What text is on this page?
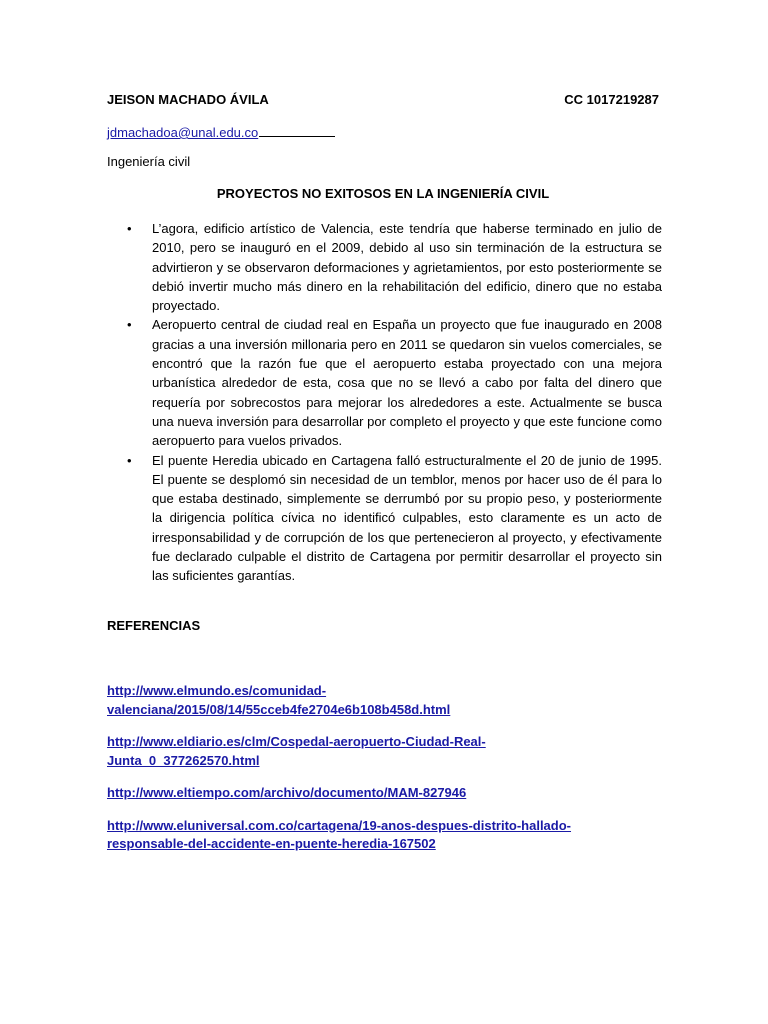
JEISON MACHADO ÁVILA	CC 1017219287
jdmachadoa@unal.edu.co
Ingeniería civil
PROYECTOS NO EXITOSOS EN LA INGENIERÍA CIVIL
• L’agora, edificio artístico de Valencia, este tendría que haberse terminado en julio de 2010, pero se inauguró en el 2009, debido al uso sin terminación de la estructura se advirtieron y se observaron deformaciones y agrietamientos, por esto posteriormente se debió invertir mucho más dinero en la rehabilitación del edificio, dinero que no estaba proyectado.
• Aeropuerto central de ciudad real en España un proyecto que fue inaugurado en 2008 gracias a una inversión millonaria pero en 2011 se quedaron sin vuelos comerciales, se encontró que la razón fue que el aeropuerto estaba proyectado con una mejora urbanística alrededor de esta, cosa que no se llevó a cabo por falta del dinero que requería por sobrecostos para mejorar los alrededores a este. Actualmente se busca una nueva inversión para desarrollar por completo el proyecto y que este funcione como aeropuerto para vuelos privados.
• El puente Heredia ubicado en Cartagena falló estructuralmente el 20 de junio de 1995. El puente se desplomó sin necesidad de un temblor, menos por hacer uso de él para lo que estaba destinado, simplemente se derrumbó por su propio peso, y posteriormente la dirigencia política cívica no identificó culpables, esto claramente es un acto de irresponsabilidad y de corrupción de los que pertenecieron al proyecto, y efectivamente fue declarado culpable el distrito de Cartagena por permitir desarrollar el proyecto sin las suficientes garantías.
REFERENCIAS
http://www.elmundo.es/comunidad-
valenciana/2015/08/14/55cceb4fe2704e6b108b458d.html
http://www.eldiario.es/clm/Cospedal-aeropuerto-Ciudad-Real-
Junta_0_377262570.html
http://www.eltiempo.com/archivo/documento/MAM-827946
http://www.eluniversal.com.co/cartagena/19-anos-despues-distrito-hallado-
responsable-del-accidente-en-puente-heredia-167502
